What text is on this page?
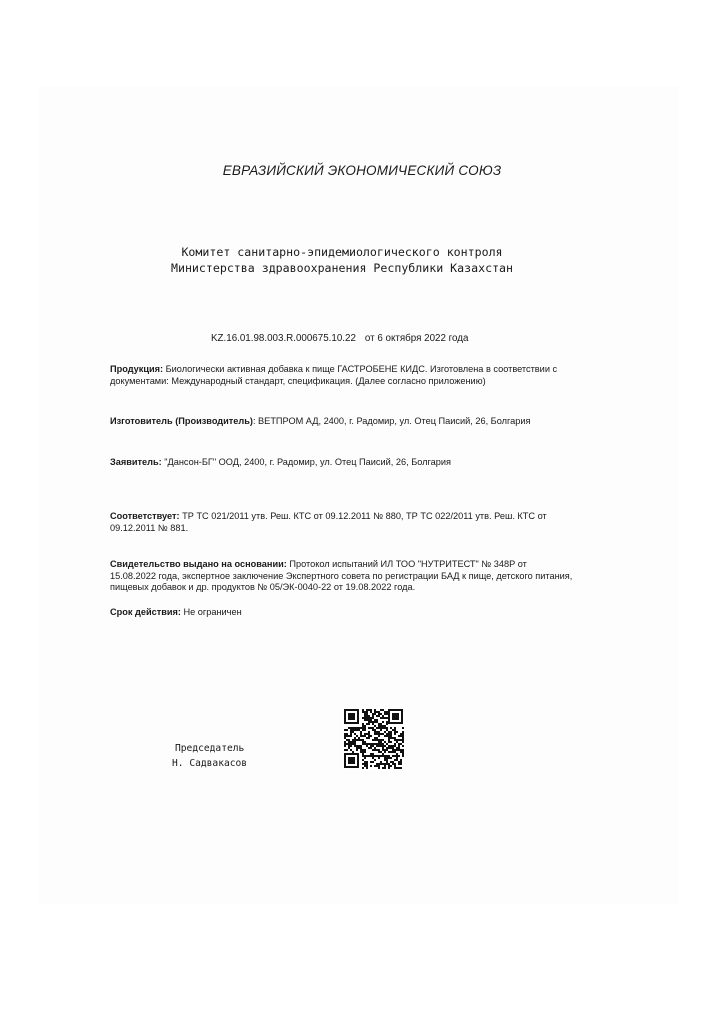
ЕВРАЗИЙСКИЙ ЭКОНОМИЧЕСКИЙ СОЮЗ
Комитет санитарно-эпидемиологического контроля
Министерства здравоохранения Республики Казахстан
KZ.16.01.98.003.R.000675.10.22 от 6 октября 2022 года
Продукция: Биологически активная добавка к пище ГАСТРОБЕНЕ КИДС. Изготовлена в соответствии с документами: Международный стандарт, спецификация. (Далее согласно приложению)
Изготовитель (Производитель): ВЕТПРОМ АД, 2400, г. Радомир, ул. Отец Паисий, 26, Болгария
Заявитель: "Дансон-БГ" ООД, 2400, г. Радомир, ул. Отец Паисий, 26, Болгария
Соответствует: ТР ТС 021/2011 утв. Реш. КТС от 09.12.2011 № 880, ТР ТС 022/2011 утв. Реш. КТС от 09.12.2011 № 881.
Свидетельство выдано на основании: Протокол испытаний ИЛ ТОО "НУТРИТЕСТ" № 348Р от 15.08.2022 года, экспертное заключение Экспертного совета по регистрации БАД к пище, детского питания, пищевых добавок и др. продуктов № 05/ЭК-0040-22 от 19.08.2022 года.
Срок действия: Не ограничен
Председатель
Н. Садвакасов
